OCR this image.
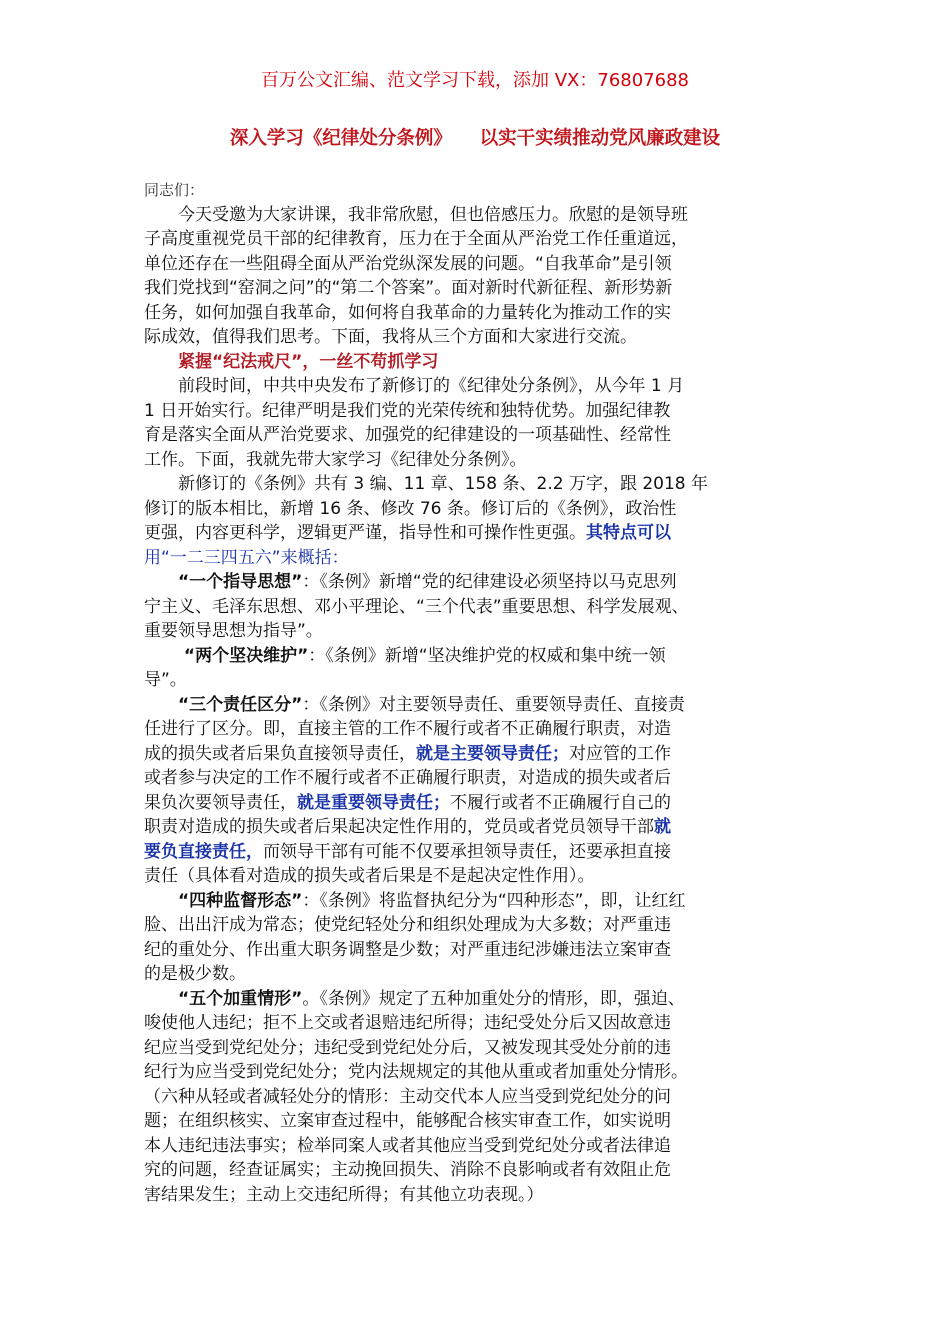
百万公文汇编、范文学习下载，添加 VX：76807688
深入学习《纪律处分条例》　　以实干实绩推动党风廉政建设
同志们：
　　今天受邀为大家讲课，我非常欣慰，但也倍感压力。欣慰的是领导班
子高度重视党员干部的纪律教育，压力在于全面从严治党工作任重道远，
单位还存在一些阻碍全面从严治党纵深发展的问题。“自我革命”是引领
我们党找到“窑洞之问”的“第二个答案”。面对新时代新征程、新形势新
任务，如何加强自我革命，如何将自我革命的力量转化为推动工作的实
际成效，值得我们思考。下面，我将从三个方面和大家进行交流。
　　紧握“纪法戒尺”，一丝不苟抓学习
　　前段时间，中共中央发布了新修订的《纪律处分条例》，从今年 1 月
1 日开始实行。纪律严明是我们党的光荣传统和独特优势。加强纪律教
育是落实全面从严治党要求、加强党的纪律建设的一项基础性、经常性
工作。下面，我就先带大家学习《纪律处分条例》。
　　新修订的《条例》共有 3 编、11 章、158 条、2.2 万字，跟 2018 年
修订的版本相比，新增 16 条、修改 76 条。修订后的《条例》，政治性
更强，内容更科学，逻辑更严谨，指导性和可操作性更强。其特点可以
用“一二三四五六”来概括：
　　“一个指导思想”：《条例》新增“党的纪律建设必须坚持以马克思列
宁主义、毛泽东思想、邓小平理论、“三个代表”重要思想、科学发展观、
重要领导思想为指导”。
　　 “两个坚决维护”：《条例》新增“坚决维护党的权威和集中统一领
导”。
　　“三个责任区分”：《条例》对主要领导责任、重要领导责任、直接责
任进行了区分。即，直接主管的工作不履行或者不正确履行职责，对造
成的损失或者后果负直接领导责任，就是主要领导责任；对应管的工作
或者参与决定的工作不履行或者不正确履行职责，对造成的损失或者后
果负次要领导责任，就是重要领导责任；不履行或者不正确履行自己的
职责对造成的损失或者后果起决定性作用的，党员或者党员领导干部就
要负直接责任，而领导干部有可能不仅要承担领导责任，还要承担直接
责任（具体看对造成的损失或者后果是不是起决定性作用）。
　　“四种监督形态”：《条例》将监督执纪分为“四种形态”，即，让红红
脸、出出汗成为常态；使党纪轻处分和组织处理成为大多数；对严重违
纪的重处分、作出重大职务调整是少数；对严重违纪涉嫌违法立案审查
的是极少数。
　　“五个加重情形”。《条例》规定了五种加重处分的情形，即，强迫、
唆使他人违纪；拒不上交或者退赔违纪所得；违纪受处分后又因故意违
纪应当受到党纪处分；违纪受到党纪处分后，又被发现其受处分前的违
纪行为应当受到党纪处分；党内法规规定的其他从重或者加重处分情形。
（六种从轻或者减轻处分的情形：主动交代本人应当受到党纪处分的问
题；在组织核实、立案审查过程中，能够配合核实审查工作，如实说明
本人违纪违法事实；检举同案人或者其他应当受到党纪处分或者法律追
究的问题，经查证属实；主动挽回损失、消除不良影响或者有效阻止危
害结果发生；主动上交违纪所得；有其他立功表现。）
